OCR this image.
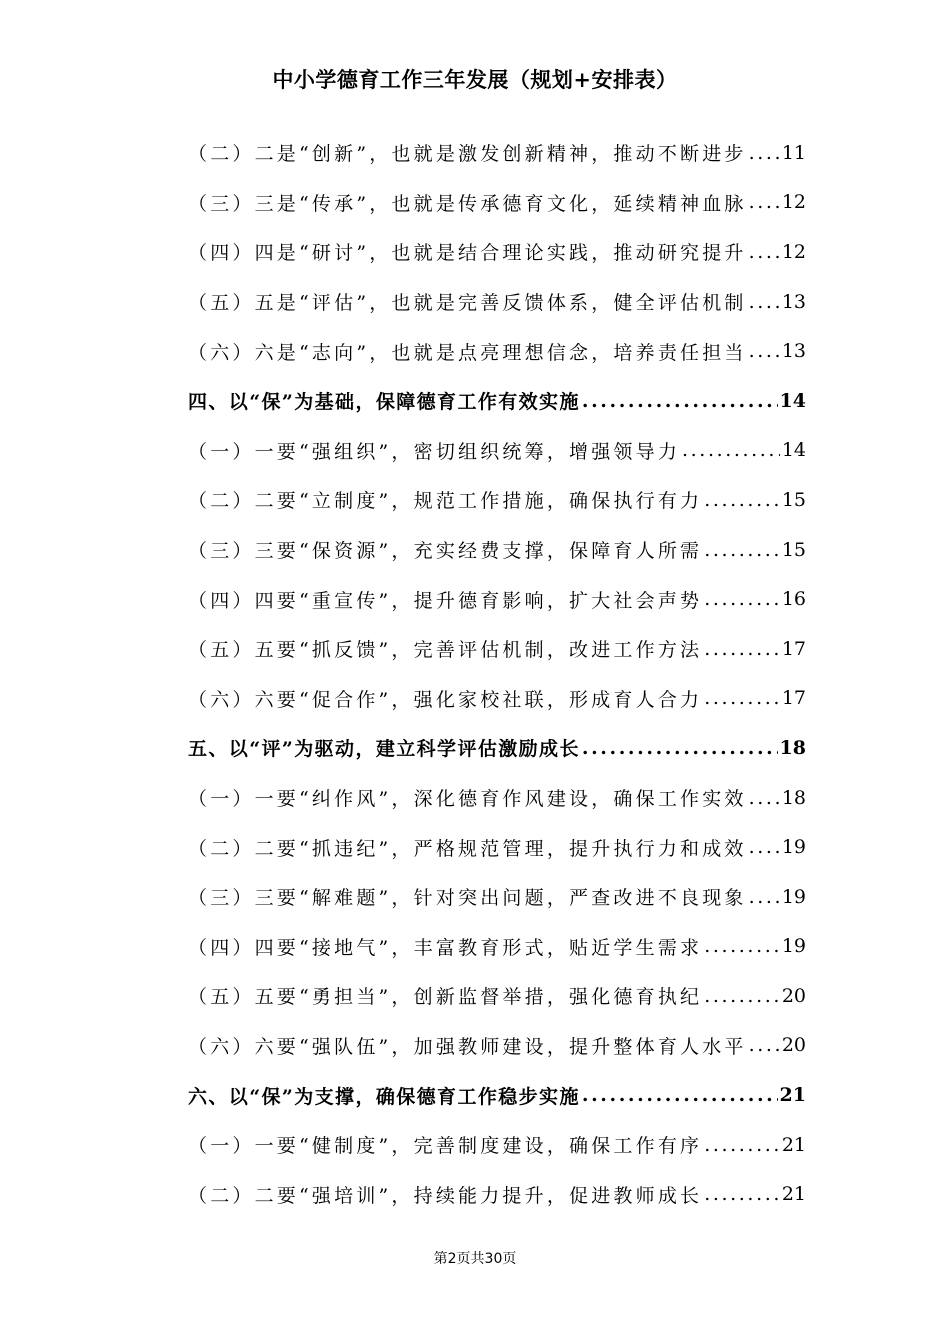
中小学德育工作三年发展（规划+安排表）
（二）二是“创新”，也就是激发创新精神，推动不断进步 ..... 11
（三）三是“传承”，也就是传承德育文化，延续精神血脉 ..... 12
（四）四是“研讨”，也就是结合理论实践，推动研究提升 ..... 12
（五）五是“评估”，也就是完善反馈体系，健全评估机制 ..... 13
（六）六是“志向”，也就是点亮理想信念，培养责任担当 ..... 13
四、以“保”为基础，保障德育工作有效实施 .....	14
（一）一要“强组织”，密切组织统筹，增强领导力 .....	14
（二）二要“立制度”，规范工作措施，确保执行有力 .....	15
（三）三要“保资源”，充实经费支撑，保障育人所需 .....	15
（四）四要“重宣传”，提升德育影响，扩大社会声势 .....	16
（五）五要“抓反馈”，完善评估机制，改进工作方法 .....	17
（六）六要“促合作”，强化家校社联，形成育人合力 .....	17
五、以“评”为驱动，建立科学评估激励成长 .....	18
（一）一要“纠作风”，深化德育作风建设，确保工作实效 ..... 18
（二）二要“抓违纪”，严格规范管理，提升执行力和成效 ..... 19
（三）三要“解难题”，针对突出问题，严查改进不良现象 ..... 19
（四）四要“接地气”，丰富教育形式，贴近学生需求 .....	19
（五）五要“勇担当”，创新监督举措，强化德育执纪 .....	20
（六）六要“强队伍”，加强教师建设，提升整体育人水平 ..... 20
六、以“保”为支撑，确保德育工作稳步实施 .....	21
（一）一要“健制度”，完善制度建设，确保工作有序 .....	21
（二）二要“强培训”，持续能力提升，促进教师成长 .....	21
第2页共30页
